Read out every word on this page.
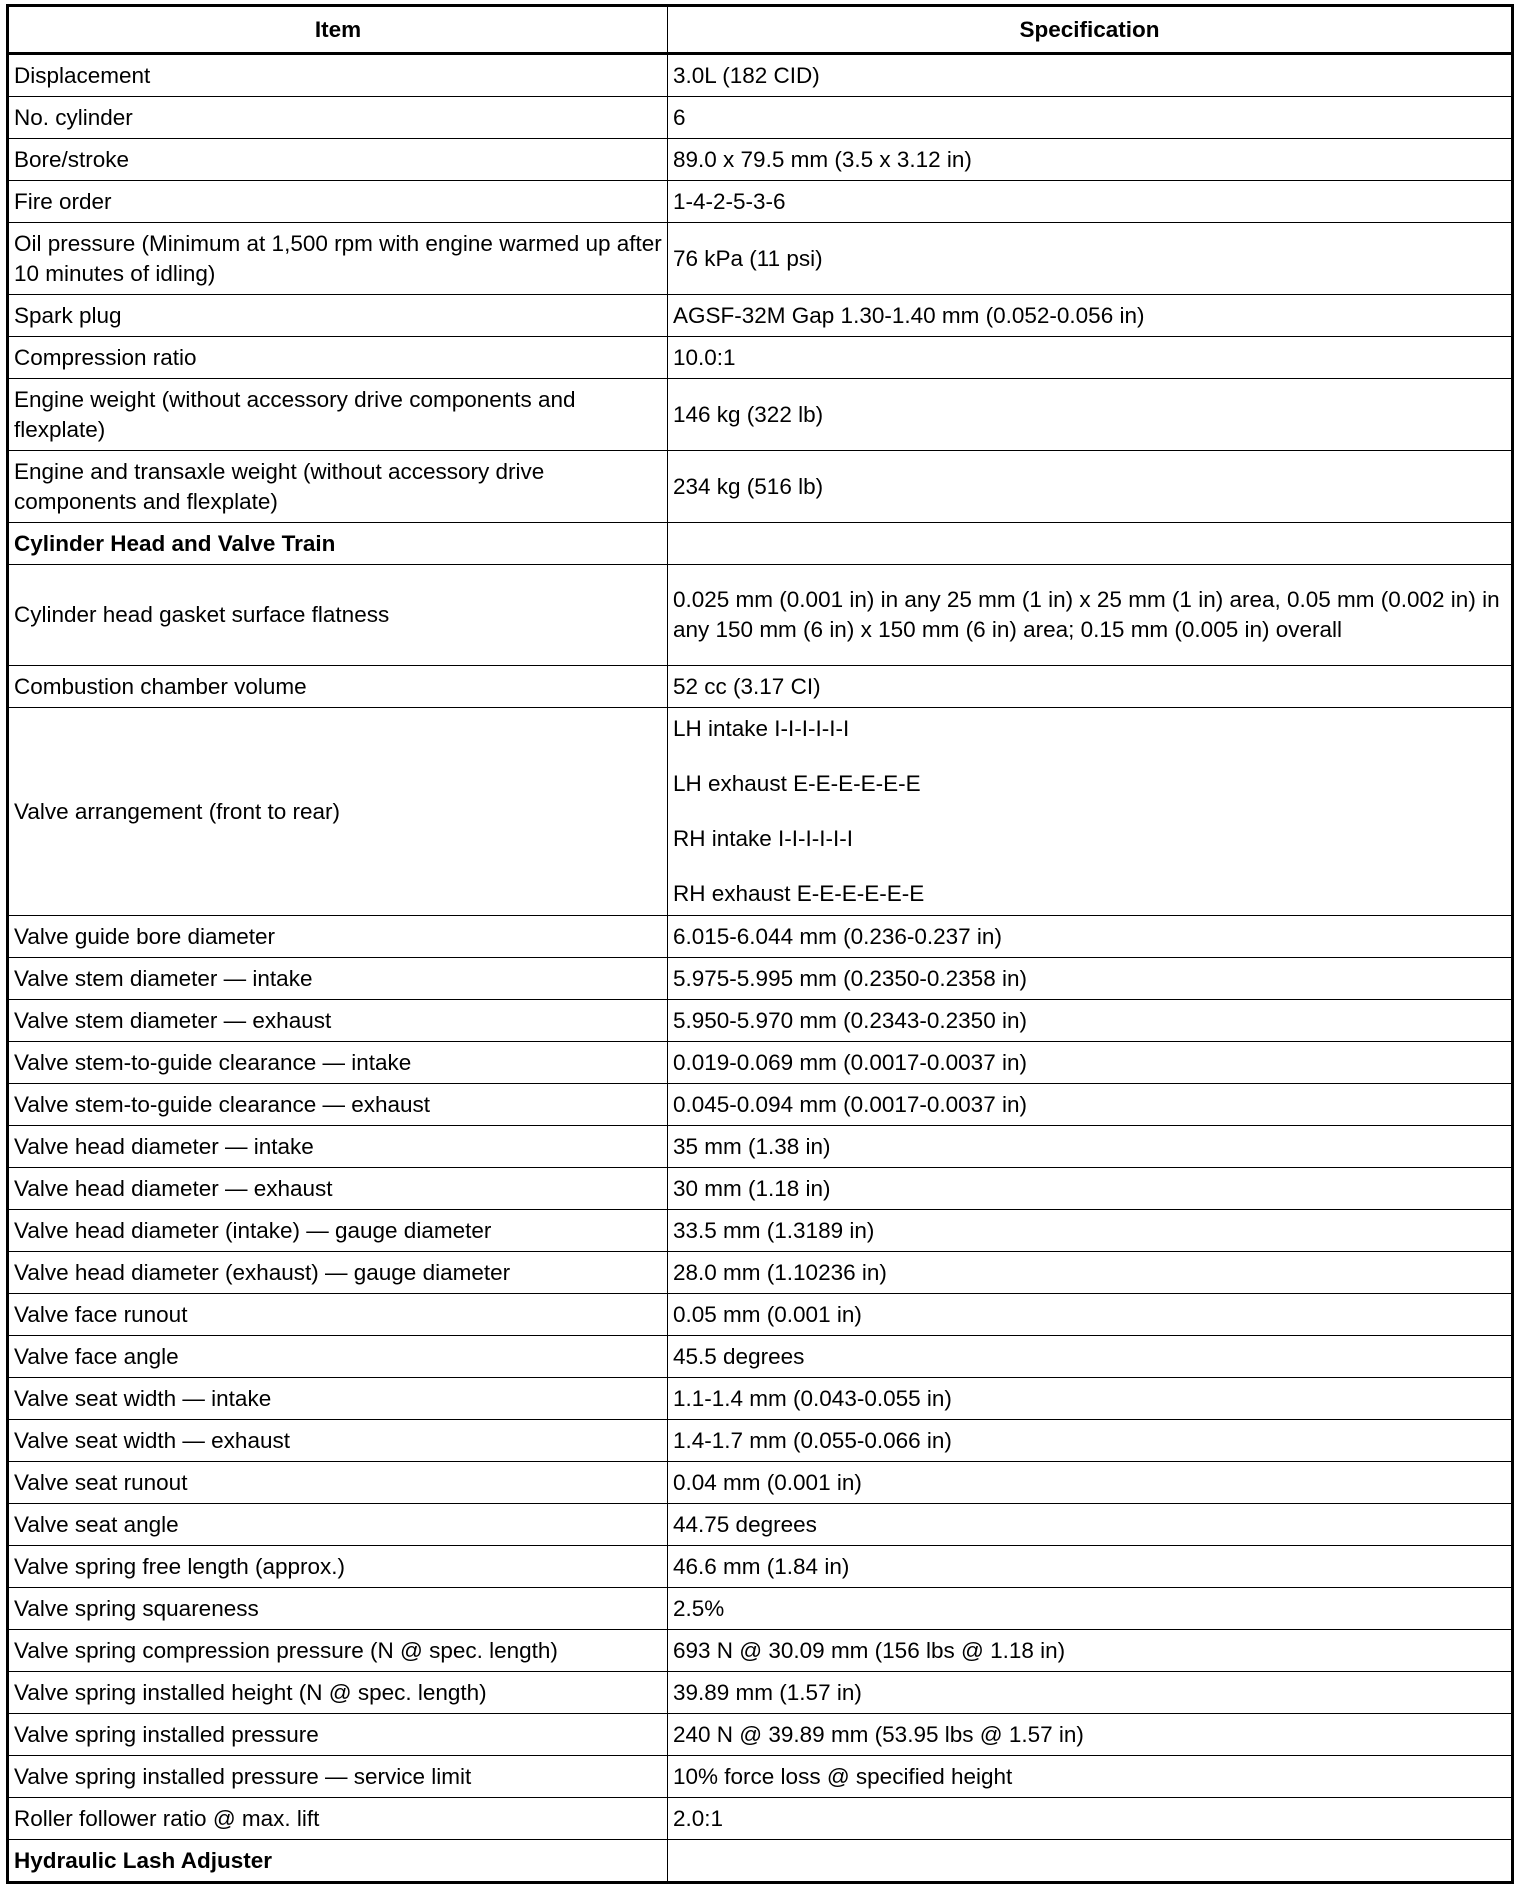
Item	Specification
Displacement	3.0L (182 CID)
No. cylinder	6
Bore/stroke	89.0 x 79.5 mm (3.5 x 3.12 in)
Fire order	1-4-2-5-3-6
Oil pressure (Minimum at 1,500 rpm with engine warmed up after 10 minutes of idling)	76 kPa (11 psi)
Spark plug	AGSF-32M Gap 1.30-1.40 mm (0.052-0.056 in)
Compression ratio	10.0:1
Engine weight (without accessory drive components and flexplate)	146 kg (322 lb)
Engine and transaxle weight (without accessory drive components and flexplate)	234 kg (516 lb)
Cylinder Head and Valve Train	
Cylinder head gasket surface flatness	0.025 mm (0.001 in) in any 25 mm (1 in) x 25 mm (1 in) area, 0.05 mm (0.002 in) in any 150 mm (6 in) x 150 mm (6 in) area; 0.15 mm (0.005 in) overall
Combustion chamber volume	52 cc (3.17 CI)
Valve arrangement (front to rear)	LH intake I-I-I-I-I-I
LH exhaust E-E-E-E-E-E
RH intake I-I-I-I-I-I
RH exhaust E-E-E-E-E-E

Valve guide bore diameter	6.015-6.044 mm (0.236-0.237 in)
Valve stem diameter — intake	5.975-5.995 mm (0.2350-0.2358 in)
Valve stem diameter — exhaust	5.950-5.970 mm (0.2343-0.2350 in)
Valve stem-to-guide clearance — intake	0.019-0.069 mm (0.0017-0.0037 in)
Valve stem-to-guide clearance — exhaust	0.045-0.094 mm (0.0017-0.0037 in)
Valve head diameter — intake	35 mm (1.38 in)
Valve head diameter — exhaust	30 mm (1.18 in)
Valve head diameter (intake) — gauge diameter	33.5 mm (1.3189 in)
Valve head diameter (exhaust) — gauge diameter	28.0 mm (1.10236 in)
Valve face runout	0.05 mm (0.001 in)
Valve face angle	45.5 degrees
Valve seat width — intake	1.1-1.4 mm (0.043-0.055 in)
Valve seat width — exhaust	1.4-1.7 mm (0.055-0.066 in)
Valve seat runout	0.04 mm (0.001 in)
Valve seat angle	44.75 degrees
Valve spring free length (approx.)	46.6 mm (1.84 in)
Valve spring squareness	2.5%
Valve spring compression pressure (N @ spec. length)	693 N @ 30.09 mm (156 lbs @ 1.18 in)
Valve spring installed height (N @ spec. length)	39.89 mm (1.57 in)
Valve spring installed pressure	240 N @ 39.89 mm (53.95 lbs @ 1.57 in)
Valve spring installed pressure — service limit	10% force loss @ specified height
Roller follower ratio @ max. lift	2.0:1
Hydraulic Lash Adjuster	
